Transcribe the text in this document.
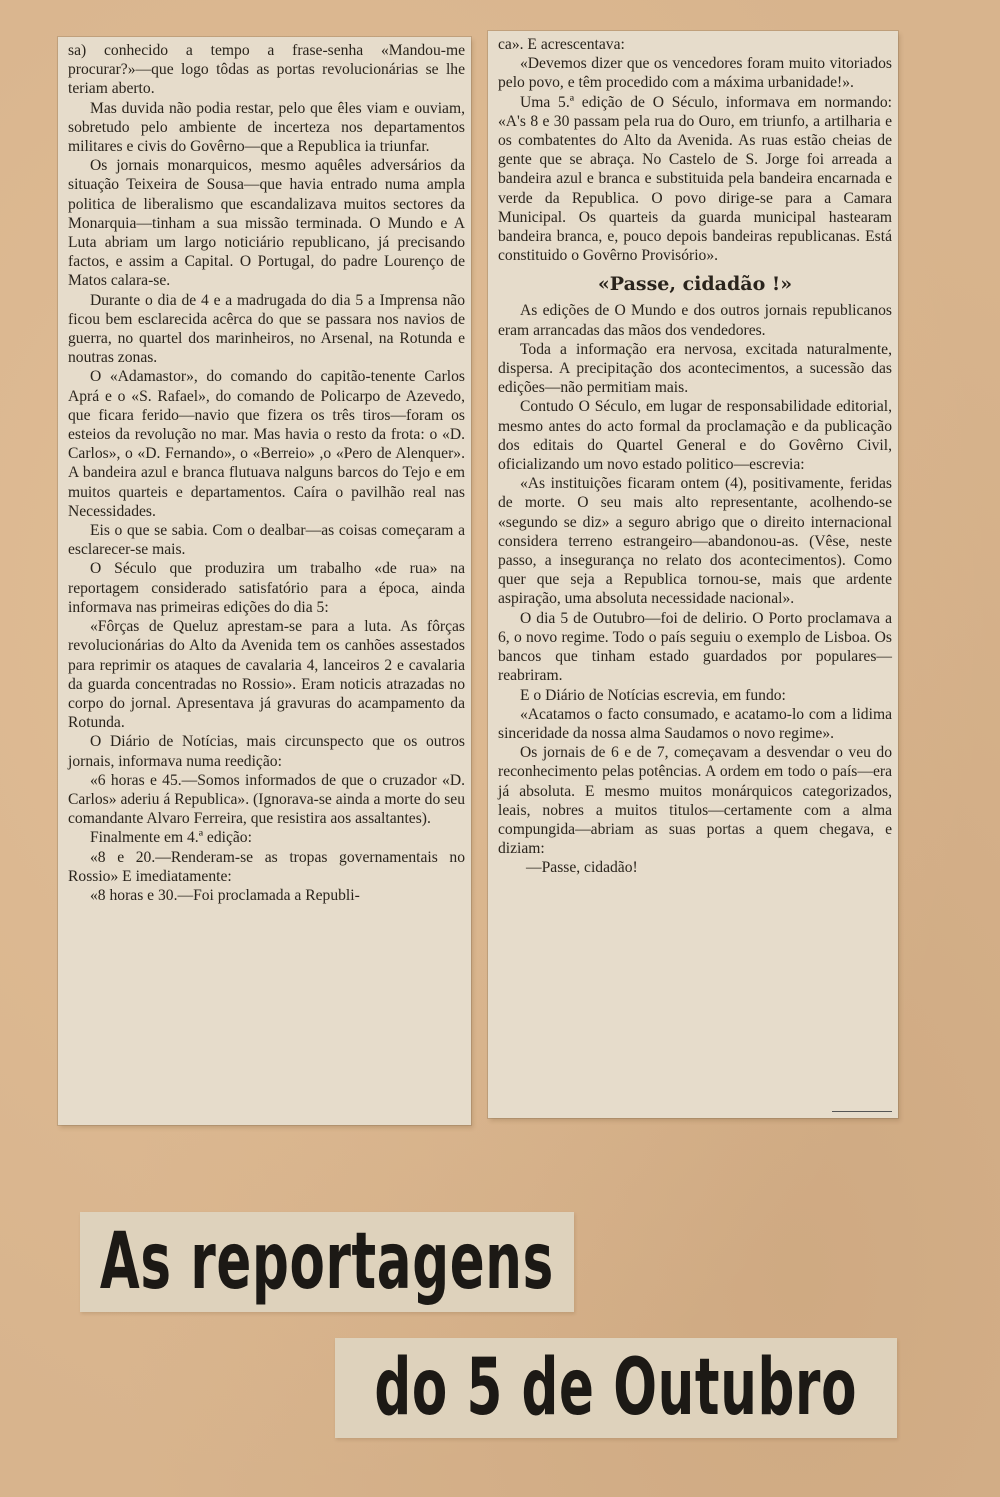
sa) conhecido a tempo a frase-senha «Mandou-me procurar?»—que logo tôdas as portas revolucionárias se lhe teriam aberto.

Mas duvida não podia restar, pelo que êles viam e ouviam, sobretudo pelo ambiente de incerteza nos departamentos militares e civis do Govêrno—que a Republica ia triunfar.

Os jornais monarquicos, mesmo aquêles adversários da situação Teixeira de Sousa—que havia entrado numa ampla politica de liberalismo que escandalizava muitos sectores da Monarquia—tinham a sua missão terminada. O Mundo e A Luta abriam um largo noticiário republicano, já precisando factos, e assim a Capital. O Portugal, do padre Lourenço de Matos calara-se.

Durante o dia de 4 e a madrugada do dia 5 a Imprensa não ficou bem esclarecida acêrca do que se passara nos navios de guerra, no quartel dos marinheiros, no Arsenal, na Rotunda e noutras zonas.

O «Adamastor», do comando do capitão-tenente Carlos Aprá e o «S. Rafael», do comando de Policarpo de Azevedo, que ficara ferido—navio que fizera os três tiros—foram os esteios da revolução no mar. Mas havia o resto da frota: o «D. Carlos», o «D. Fernando», o «Berreio» ,o «Pero de Alenquer». A bandeira azul e branca flutuava nalguns barcos do Tejo e em muitos quarteis e departamentos. Caíra o pavilhão real nas Necessidades.

Eis o que se sabia. Com o dealbar—as coisas começaram a esclarecer-se mais.

O Século que produzira um trabalho «de rua» na reportagem considerado satisfatório para a época, ainda informava nas primeiras edições do dia 5:

«Fôrças de Queluz aprestam-se para a luta. As fôrças revolucionárias do Alto da Avenida tem os canhões assestados para reprimir os ataques de cavalaria 4, lanceiros 2 e cavalaria da guarda concentradas no Rossio». Eram noticis atrazadas no corpo do jornal. Apresentava já gravuras do acampamento da Rotunda.

O Diário de Notícias, mais circunspecto que os outros jornais, informava numa reedição:

«6 horas e 45.—Somos informados de que o cruzador «D. Carlos» aderiu á Republica». (Ignorava-se ainda a morte do seu comandante Alvaro Ferreira, que resistira aos assaltantes).

Finalmente em 4.ª edição:

«8 e 20.—Renderam-se as tropas governamentais no Rossio» E imediatamente:

«8 horas e 30.—Foi proclamada a Republi-

ca». E acrescentava:

«Devemos dizer que os vencedores foram muito vitoriados pelo povo, e têm procedido com a máxima urbanidade!».

Uma 5.ª edição de O Século, informava em normando: «A's 8 e 30 passam pela rua do Ouro, em triunfo, a artilharia e os combatentes do Alto da Avenida. As ruas estão cheias de gente que se abraça. No Castelo de S. Jorge foi arreada a bandeira azul e branca e substituida pela bandeira encarnada e verde da Republica. O povo dirige-se para a Camara Municipal. Os quarteis da guarda municipal hastearam bandeira branca, e, pouco depois bandeiras republicanas. Está constituido o Govêrno Provisório».

«Passe, cidadão !»

As edições de O Mundo e dos outros jornais republicanos eram arrancadas das mãos dos vendedores.

Toda a informação era nervosa, excitada naturalmente, dispersa. A precipitação dos acontecimentos, a sucessão das edições—não permitiam mais.

Contudo O Século, em lugar de responsabilidade editorial, mesmo antes do acto formal da proclamação e da publicação dos editais do Quartel General e do Govêrno Civil, oficializando um novo estado politico—escrevia:

«As instituições ficaram ontem (4), positivamente, feridas de morte. O seu mais alto representante, acolhendo-se «segundo se diz» a seguro abrigo que o direito internacional considera terreno estrangeiro—abandonou-as. (Vêse, neste passo, a insegurança no relato dos acontecimentos). Como quer que seja a Republica tornou-se, mais que ardente aspiração, uma absoluta necessidade nacional».

O dia 5 de Outubro—foi de delirio. O Porto proclamava a 6, o novo regime. Todo o país seguiu o exemplo de Lisboa. Os bancos que tinham estado guardados por populares—reabriram.

E o Diário de Notícias escrevia, em fundo:

«Acatamos o facto consumado, e acatamo-lo com a lidima sinceridade da nossa alma Saudamos o novo regime».

Os jornais de 6 e de 7, começavam a desvendar o veu do reconhecimento pelas potências. A ordem em todo o país—era já absoluta. E mesmo muitos monárquicos categorizados, leais, nobres a muitos titulos—certamente com a alma compungida—abriam as suas portas a quem chegava, e diziam:

—Passe, cidadão!

As reportagens
do 5 de Outubro
